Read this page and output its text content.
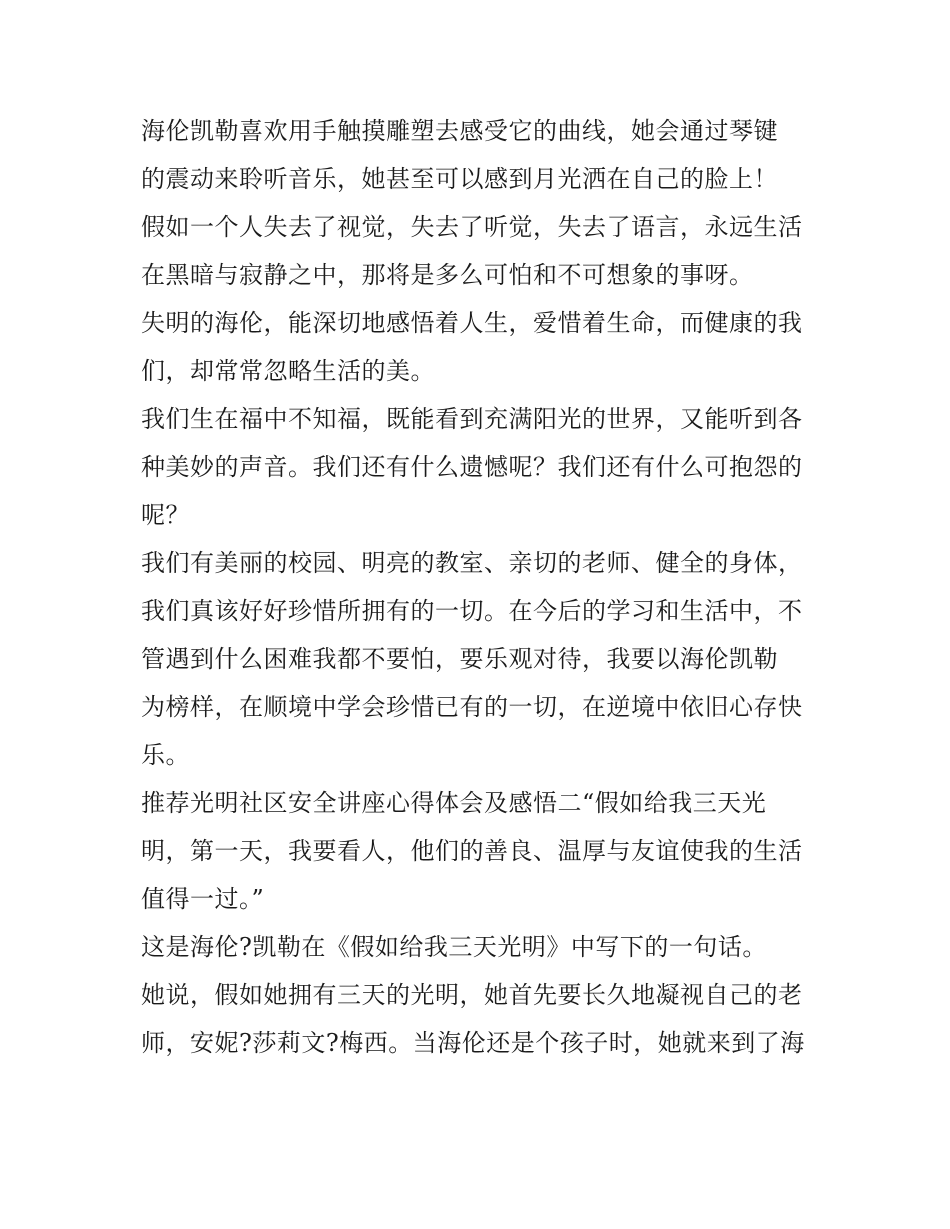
海伦凯勒喜欢用手触摸雕塑去感受它的曲线，她会通过琴键
的震动来聆听音乐，她甚至可以感到月光洒在自己的脸上！
假如一个人失去了视觉，失去了听觉，失去了语言，永远生活
在黑暗与寂静之中，那将是多么可怕和不可想象的事呀。
失明的海伦，能深切地感悟着人生，爱惜着生命，而健康的我
们，却常常忽略生活的美。
我们生在福中不知福，既能看到充满阳光的世界，又能听到各
种美妙的声音。我们还有什么遗憾呢？我们还有什么可抱怨的
呢？
我们有美丽的校园、明亮的教室、亲切的老师、健全的身体，
我们真该好好珍惜所拥有的一切。在今后的学习和生活中，不
管遇到什么困难我都不要怕，要乐观对待，我要以海伦凯勒
为榜样，在顺境中学会珍惜已有的一切，在逆境中依旧心存快
乐。
推荐光明社区安全讲座心得体会及感悟二“假如给我三天光
明，第一天，我要看人，他们的善良、温厚与友谊使我的生活
值得一过。”
这是海伦?凯勒在《假如给我三天光明》中写下的一句话。
她说，假如她拥有三天的光明，她首先要长久地凝视自己的老
师，安妮?莎莉文?梅西。当海伦还是个孩子时，她就来到了海
